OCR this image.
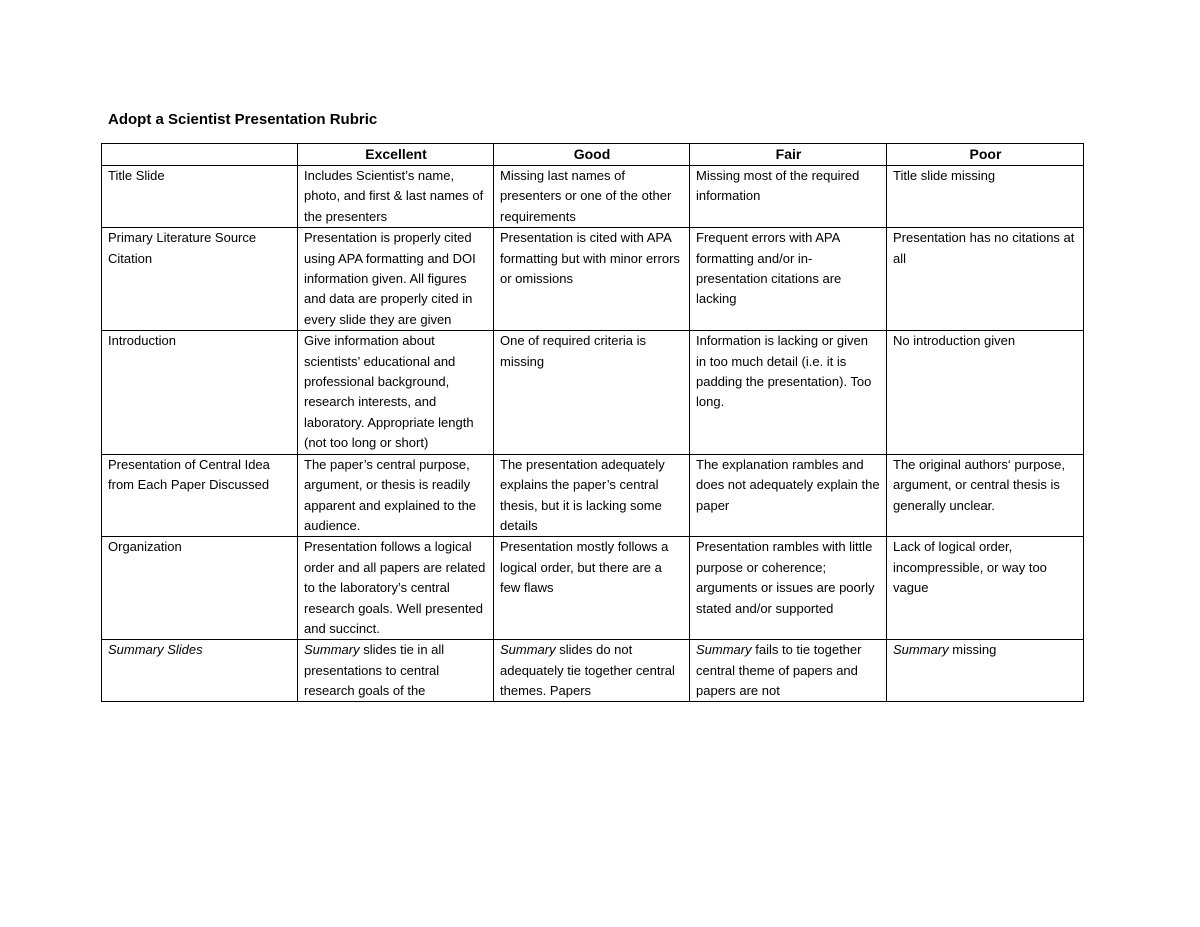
Adopt a Scientist Presentation Rubric
	Excellent	Good	Fair	Poor
Title Slide	Includes Scientist’s name, photo, and first & last names of the presenters	Missing last names of presenters or one of the other requirements	Missing most of the required information	Title slide missing
Primary Literature Source Citation	Presentation is properly cited using APA formatting and DOI information given. All figures and data are properly cited in every slide they are given	Presentation is cited with APA formatting but with minor errors or omissions	Frequent errors with APA formatting and/or in-presentation citations are lacking	Presentation has no citations at all
Introduction	Give information about scientists’ educational and professional background, research interests, and laboratory. Appropriate length (not too long or short)	One of required criteria is missing	Information is lacking or given in too much detail (i.e. it is padding the presentation). Too long.	No introduction given
Presentation of Central Idea from Each Paper Discussed	The paper’s central purpose, argument, or thesis is readily apparent and explained to the audience.	The presentation adequately explains the paper’s central thesis, but it is lacking some details	The explanation rambles and does not adequately explain the paper	The original authors‘ purpose, argument, or central thesis is generally unclear.
Organization	Presentation follows a logical order and all papers are related to the laboratory’s central research goals. Well presented and succinct.	Presentation mostly follows a logical order, but there are a few flaws	Presentation rambles with little purpose or coherence; arguments or issues are poorly stated and/or supported	Lack of logical order, incompressible, or way too vague

Summary Slides	Summary slides tie in all presentations to central research goals of the	Summary slides do not adequately tie together central themes. Papers	Summary fails to tie together central theme of papers and papers are not	Summary missing
